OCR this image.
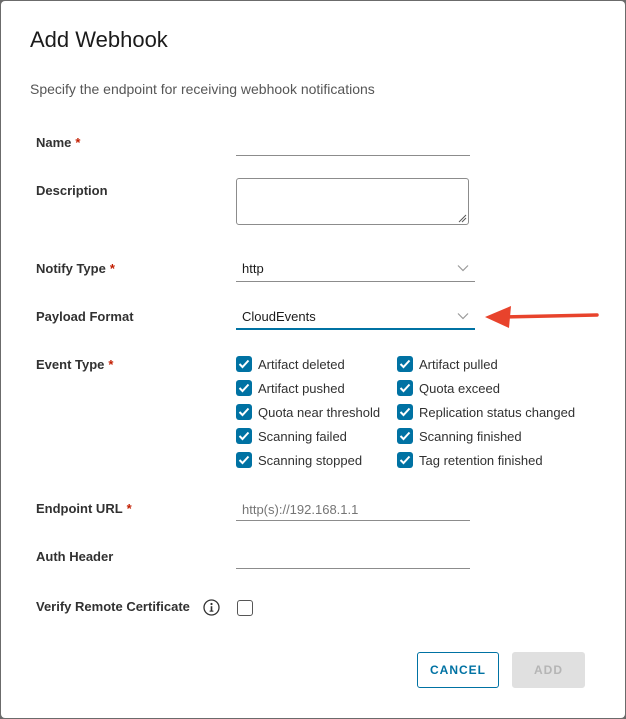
Add Webhook
Specify the endpoint for receiving webhook notifications
Name *
Description
Notify Type *	http
Payload Format	CloudEvents
Event Type *	Artifact deleted	Artifact pulled
Artifact pushed	Quota exceed
Quota near threshold	Replication status changed
Scanning failed	Scanning finished
Scanning stopped	Tag retention finished
Endpoint URL *
http(s)://192.168.1.1
Auth Header
Verify Remote Certificate
CANCEL	ADD
